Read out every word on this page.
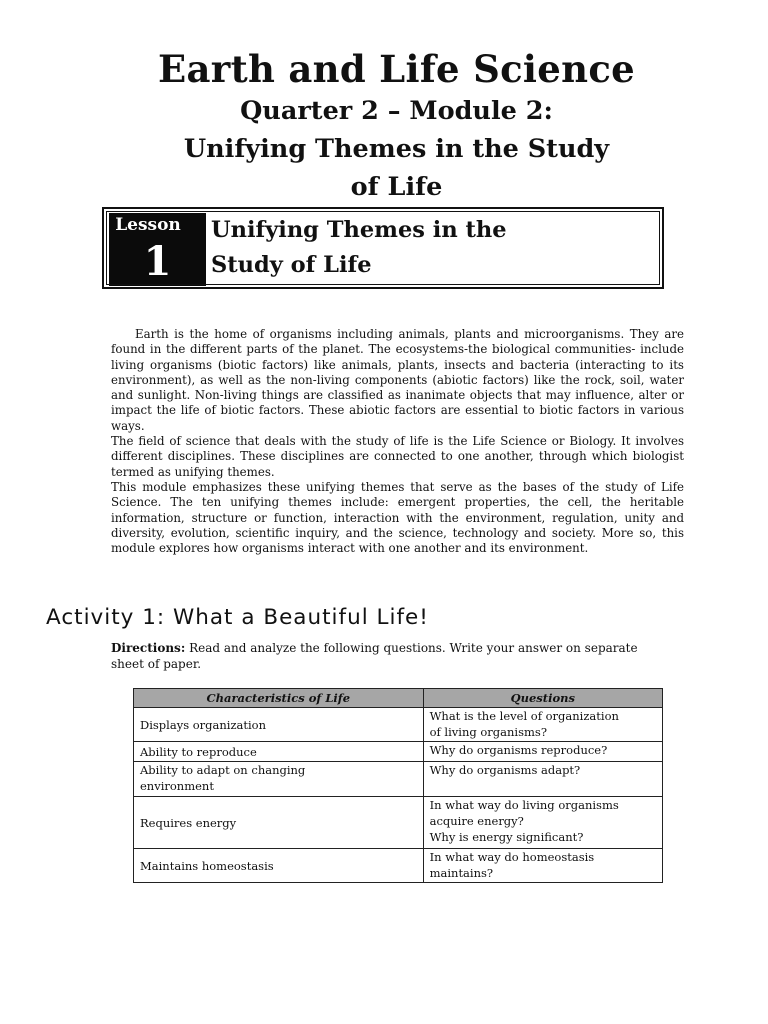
Earth and Life Science
Quarter 2 – Module 2:
Unifying Themes in the Study
of Life
Lesson
1
Unifying Themes in the
Study of Life

Earth is the home of organisms including animals, plants and microorganisms. They are found in the different parts of the planet. The ecosystems-the biological communities- include living organisms (biotic factors) like animals, plants, insects and bacteria (interacting to its environment), as well as the non-living components (abiotic factors) like the rock, soil, water and sunlight. Non-living things are classified as inanimate objects that may influence, alter or impact the life of biotic factors. These abiotic factors are essential to biotic factors in various ways.

The field of science that deals with the study of life is the Life Science or Biology. It involves different disciplines. These disciplines are connected to one another, through which biologist termed as unifying themes.

This module emphasizes these unifying themes that serve as the bases of the study of Life Science. The ten unifying themes include: emergent properties, the cell, the heritable information, structure or function, interaction with the environment, regulation, unity and diversity, evolution, scientific inquiry, and the science, technology and society. More so, this module explores how organisms interact with one another and its environment.

Activity 1: What a Beautiful Life!
Directions: Read and analyze the following questions. Write your answer on separate sheet of paper.
Characteristics of Life	Questions
Displays organization	What is the level of organization
of living organisms?

Ability to reproduce	Why do organisms reproduce?

Ability to adapt on changing environment	Why do organisms adapt?

Requires energy	In what way do living organisms
acquire energy?
Why is energy significant?

Maintains homeostasis	In what way do homeostasis
maintains?
